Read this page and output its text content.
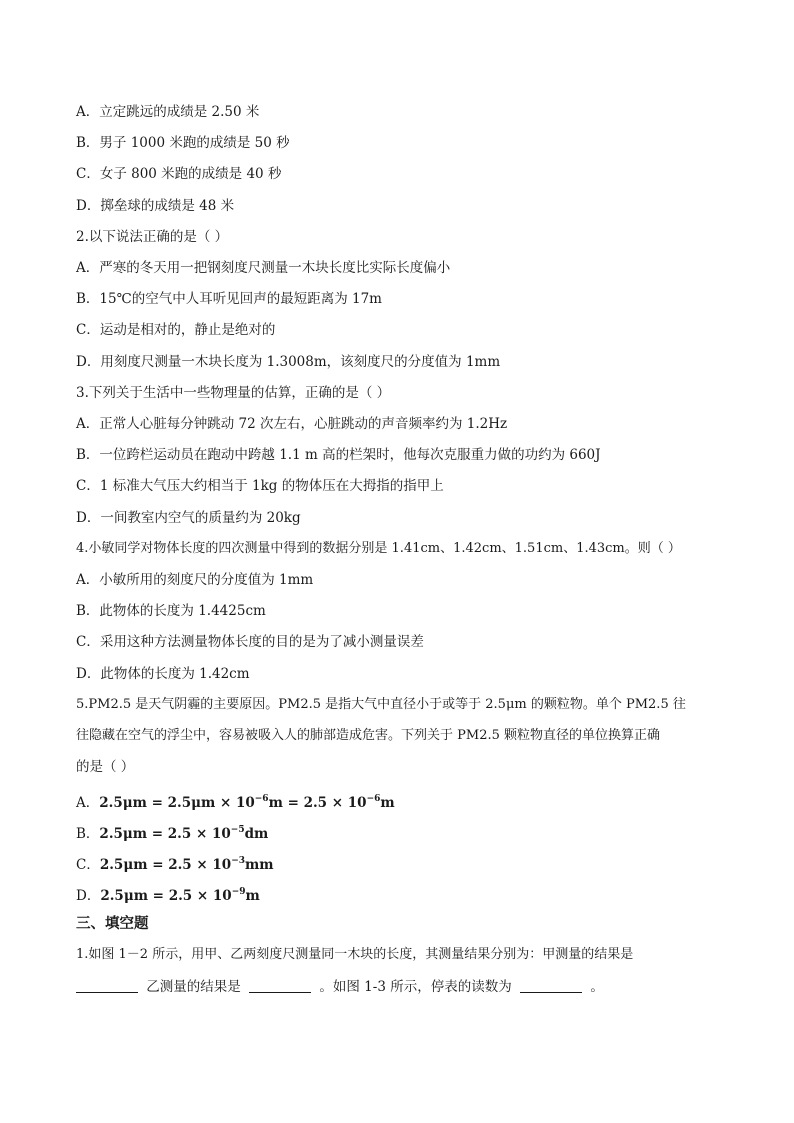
A．立定跳远的成绩是 2.50 米
B．男子 1000 米跑的成绩是 50 秒
C．女子 800 米跑的成绩是 40 秒
D．掷垒球的成绩是 48 米
2.以下说法正确的是（ ）
A．严寒的冬天用一把钢刻度尺测量一木块长度比实际长度偏小
B．15℃的空气中人耳听见回声的最短距离为 17m
C．运动是相对的，静止是绝对的
D．用刻度尺测量一木块长度为 1.3008m，该刻度尺的分度值为 1mm
3.下列关于生活中一些物理量的估算，正确的是（ ）
A．正常人心脏每分钟跳动 72 次左右，心脏跳动的声音频率约为 1.2Hz
B．一位跨栏运动员在跑动中跨越 1.1 m 高的栏架时，他每次克服重力做的功约为 660J
C．1 标准大气压大约相当于 1kg 的物体压在大拇指的指甲上
D．一间教室内空气的质量约为 20kg
4.小敏同学对物体长度的四次测量中得到的数据分别是 1.41cm、1.42cm、1.51cm、1.43cm。则（ ）
A．小敏所用的刻度尺的分度值为 1mm
B．此物体的长度为 1.4425cm
C．采用这种方法测量物体长度的目的是为了减小测量误差
D．此物体的长度为 1.42cm
5.PM2.5 是天气阴霾的主要原因。PM2.5 是指大气中直径小于或等于 2.5μm 的颗粒物。单个 PM2.5 往
往隐藏在空气的浮尘中，容易被吸入人的肺部造成危害。下列关于 PM2.5 颗粒物直径的单位换算正确
的是（ ）
A．$2.5\mu m = 2.5\mu m \times 10^{-6}m = 2.5 \times 10^{-6}m$
B．$2.5\mu m = 2.5 \times 10^{-5}dm$
C．$2.5\mu m = 2.5 \times 10^{-3}mm$
D．$2.5\mu m = 2.5 \times 10^{-9}m$
三、填空题
1.如图 1－2 所示，用甲、乙两刻度尺测量同一木块的长度，其测量结果分别为：甲测量的结果是
乙测量的结果是	。如图 1-3 所示，停表的读数为	。
